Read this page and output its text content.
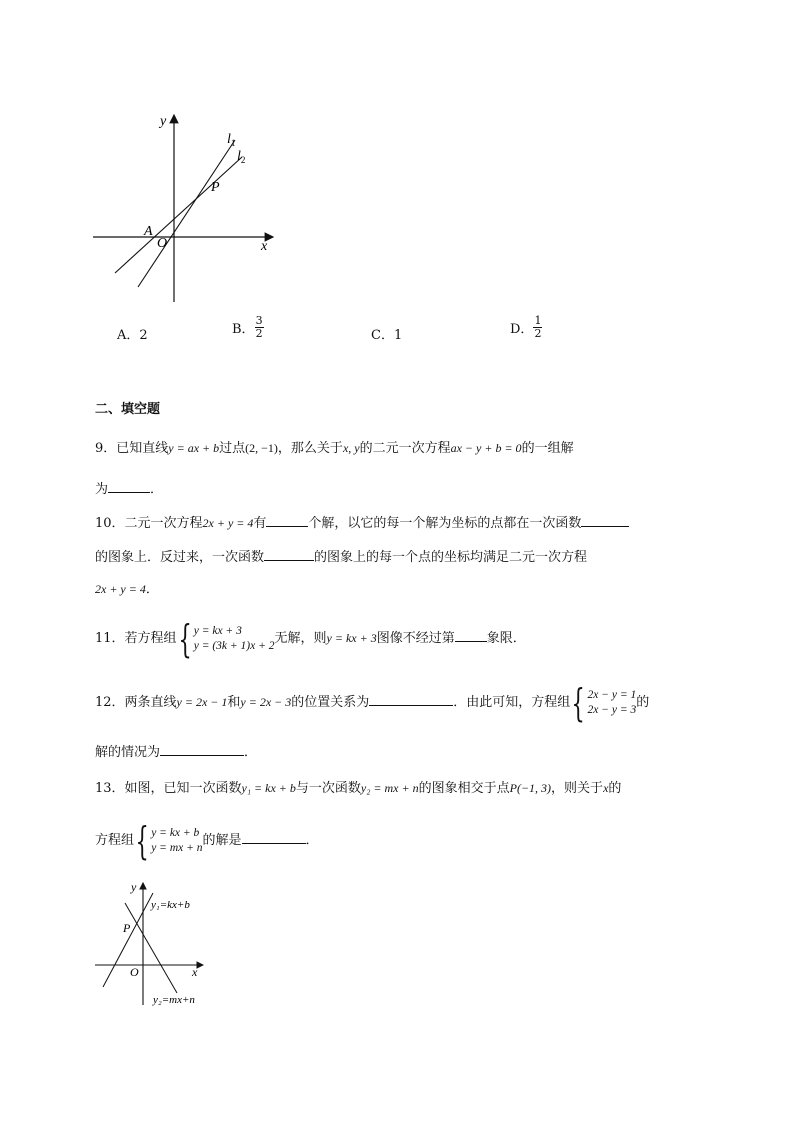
y
x
$l_1$
$l_2$
P
A
O
A．2	B． $\frac{3}{2}$	C．1	D． $\frac{1}{2}$
二、填空题
9．已知直线y = ax + b过点(2, −1)，那么关于x, y的二元一次方程ax − y + b = 0的一组解
为	．
10．二元一次方程2x + y = 4有	个解，以它的每一个解为坐标的点都在一次函数
的图象上．反过来，一次函数	的图象上的每一个点的坐标均满足二元一次方程
2x + y = 4．
11．若方程组 { y = kx + 3
y = (3k + 1)x + 2 无解，则y = kx + 3图像不经过第 象限．
12．两条直线y = 2x − 1和y = 2x − 3的位置关系为	．由此可知，方程组 { 2x − y = 1
2x − y = 3 的
解的情况为	．
13．如图，已知一次函数y₁ = kx + b与一次函数y₂ = mx + n的图象相交于点P(−1, 3)，则关于x的
方程组 { y = kx + b
y = mx + n 的解是	．
y
x
O
P
y₁=kx+b
y₂=mx+n
